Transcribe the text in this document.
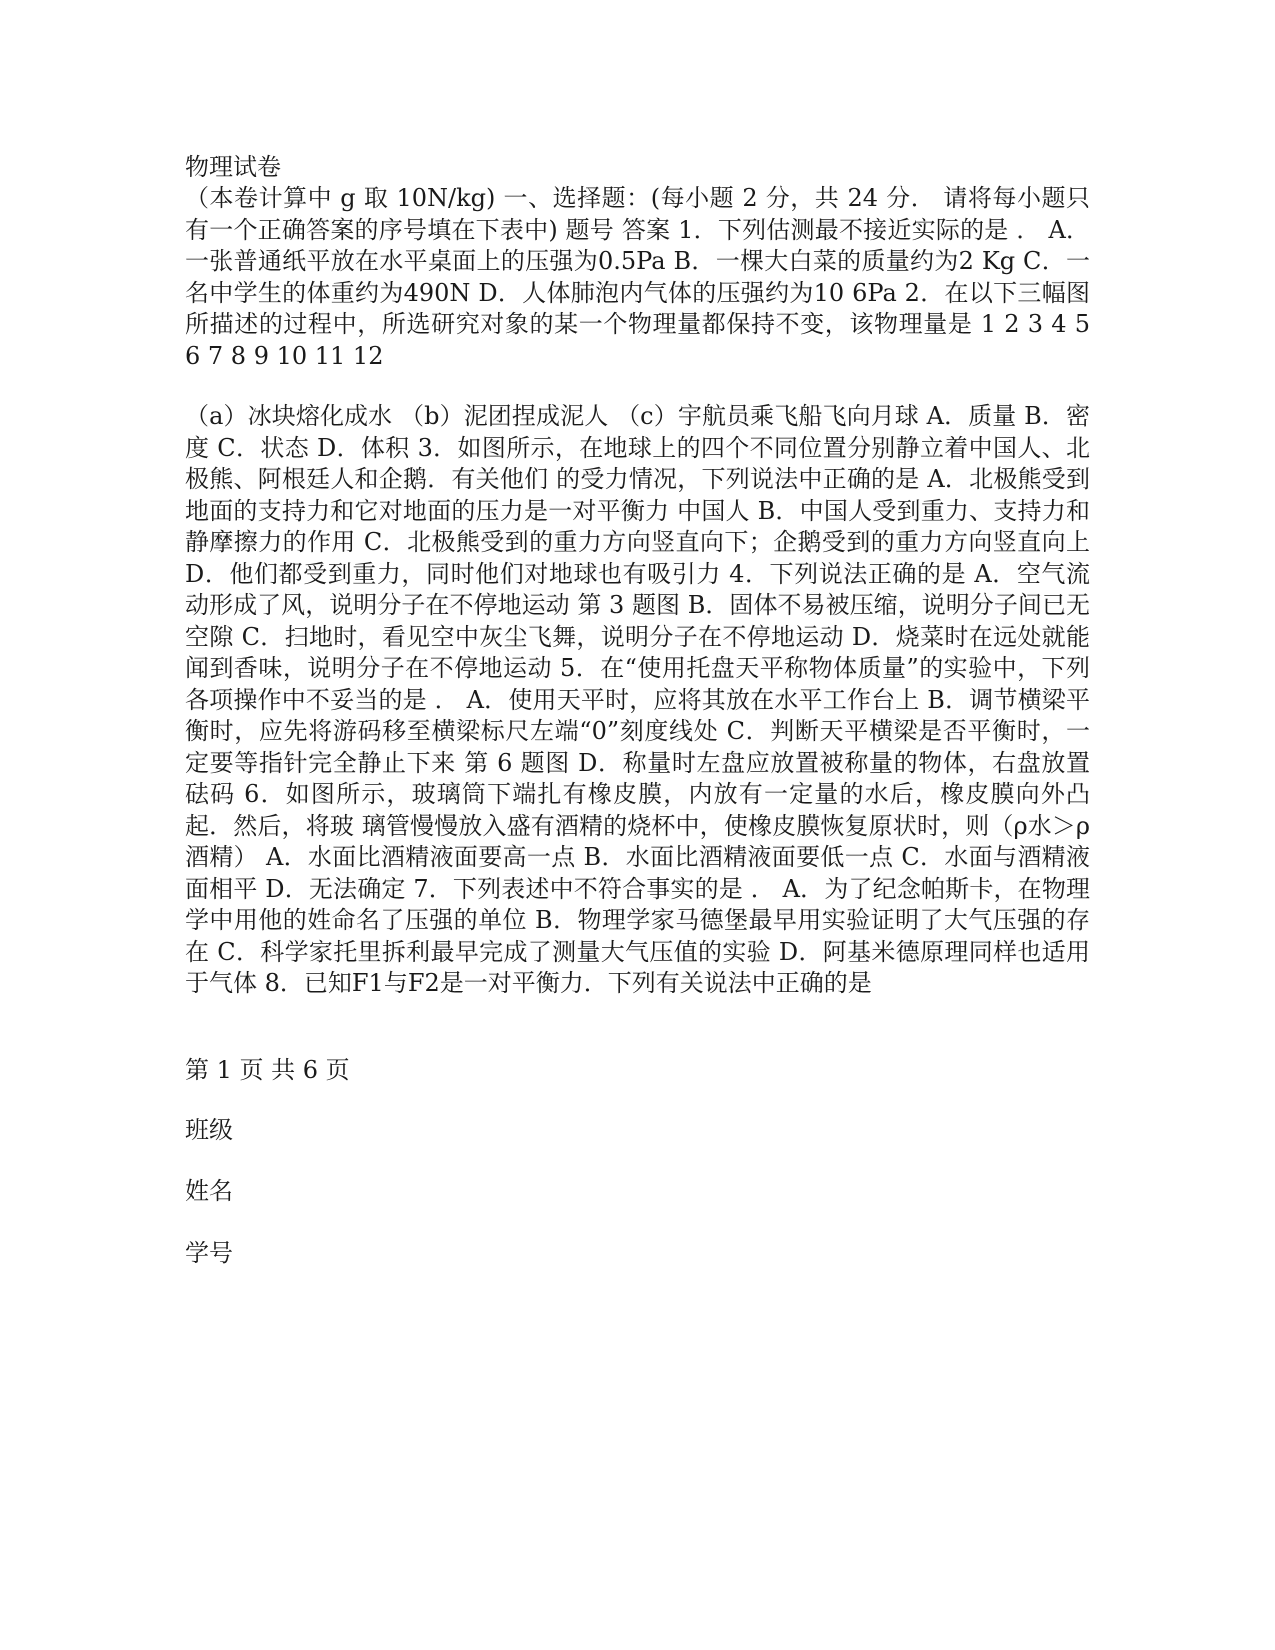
物理试卷
（本卷计算中 g 取 10N/kg) 一、选择题：(每小题 2 分，共 24 分． 请将每小题只有一个正确答案的序号填在下表中) 题号 答案 1．下列估测最不接近实际的是 ． A．一张普通纸平放在水平桌面上的压强为0.5Pa B．一棵大白菜的质量约为2 Kg C．一名中学生的体重约为490N D．人体肺泡内气体的压强约为10 6Pa 2．在以下三幅图所描述的过程中，所选研究对象的某一个物理量都保持不变，该物理量是 1 2 3 4 5 6 7 8 9 10 11 12
（a）冰块熔化成水 （b）泥团捏成泥人 （c）宇航员乘飞船飞向月球 A．质量 B．密度 C．状态 D．体积 3．如图所示，在地球上的四个不同位置分别静立着中国人、北极熊、阿根廷人和企鹅．有关他们 的受力情况，下列说法中正确的是 A．北极熊受到地面的支持力和它对地面的压力是一对平衡力 中国人 B．中国人受到重力、支持力和静摩擦力的作用 C．北极熊受到的重力方向竖直向下；企鹅受到的重力方向竖直向上 D．他们都受到重力，同时他们对地球也有吸引力 4．下列说法正确的是 A．空气流动形成了风，说明分子在不停地运动 第 3 题图 B．固体不易被压缩，说明分子间已无空隙 C．扫地时，看见空中灰尘飞舞，说明分子在不停地运动 D．烧菜时在远处就能闻到香味，说明分子在不停地运动 5．在“使用托盘天平称物体质量”的实验中，下列各项操作中不妥当的是 ． A．使用天平时，应将其放在水平工作台上 B．调节横梁平衡时，应先将游码移至横梁标尺左端“0”刻度线处 C．判断天平横梁是否平衡时，一定要等指针完全静止下来 第 6 题图 D．称量时左盘应放置被称量的物体，右盘放置砝码 6．如图所示，玻璃筒下端扎有橡皮膜，内放有一定量的水后，橡皮膜向外凸起．然后，将玻 璃管慢慢放入盛有酒精的烧杯中，使橡皮膜恢复原状时，则（ρ水＞ρ酒精） A．水面比酒精液面要高一点 B．水面比酒精液面要低一点 C．水面与酒精液面相平 D．无法确定 7．下列表述中不符合事实的是 ． A．为了纪念帕斯卡，在物理学中用他的姓命名了压强的单位 B．物理学家马德堡最早用实验证明了大气压强的存在 C．科学家托里拆利最早完成了测量大气压值的实验 D．阿基米德原理同样也适用于气体 8．已知F1与F2是一对平衡力．下列有关说法中正确的是
第 1 页 共 6 页
班级
姓名
学号
